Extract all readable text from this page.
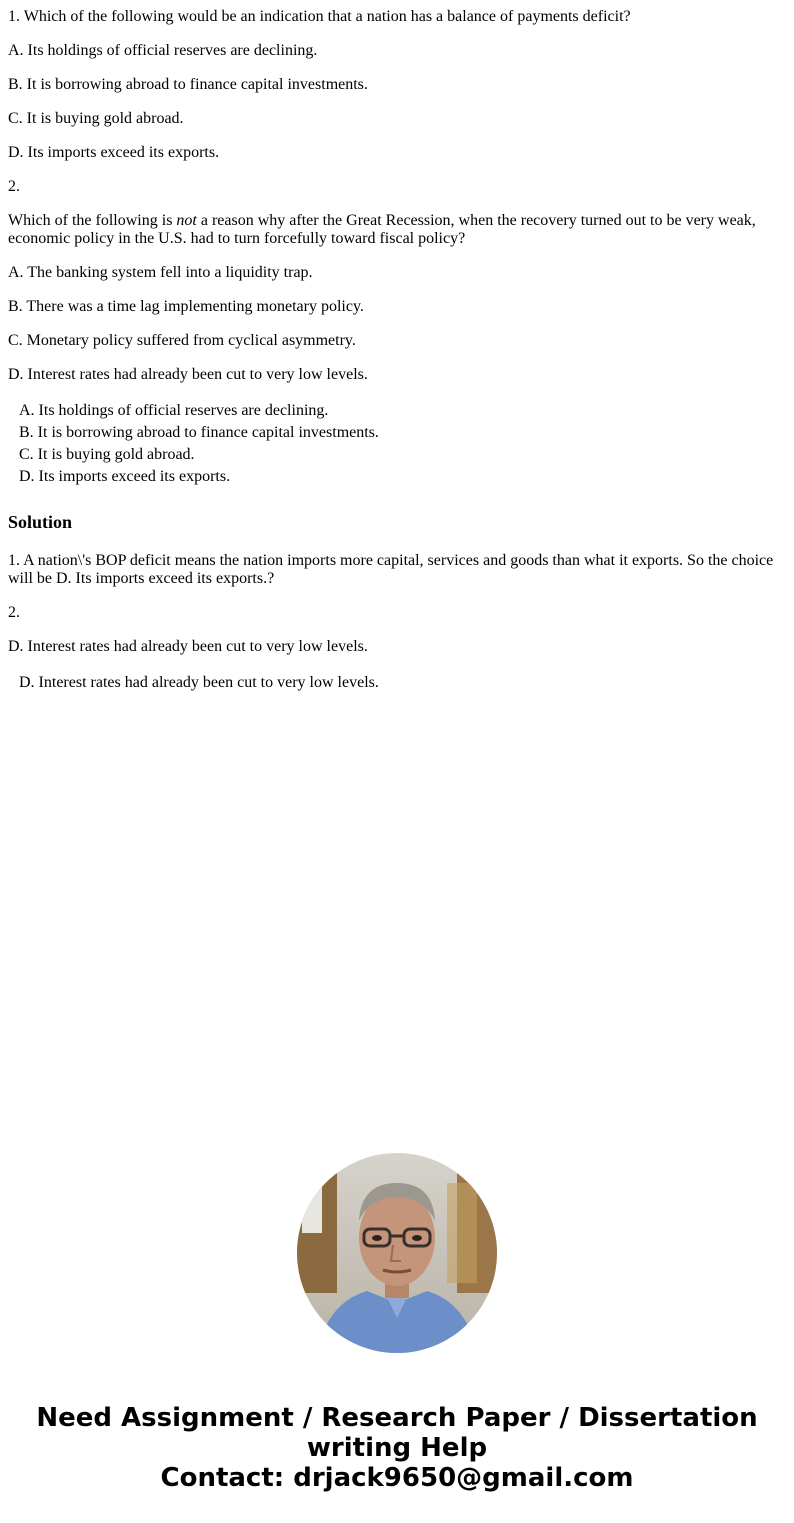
1. Which of the following would be an indication that a nation has a balance of payments deficit?

A. Its holdings of official reserves are declining.

B. It is borrowing abroad to finance capital investments.

C. It is buying gold abroad.

D. Its imports exceed its exports.

2.

Which of the following is not a reason why after the Great Recession, when the recovery turned out to be very weak, economic policy in the U.S. had to turn forcefully toward fiscal policy?

A. The banking system fell into a liquidity trap.

B. There was a time lag implementing monetary policy.

C. Monetary policy suffered from cyclical asymmetry.

D. Interest rates had already been cut to very low levels.

A. Its holdings of official reserves are declining.
B. It is borrowing abroad to finance capital investments.
C. It is buying gold abroad.
D. Its imports exceed its exports.
Solution

1. A nation\'s BOP deficit means the nation imports more capital, services and goods than what it exports. So the choice will be D. Its imports exceed its exports.?

2.

D. Interest rates had already been cut to very low levels.

D. Interest rates had already been cut to very low levels.
Need Assignment / Research Paper / Dissertation
writing Help
Contact: drjack9650@gmail.com
